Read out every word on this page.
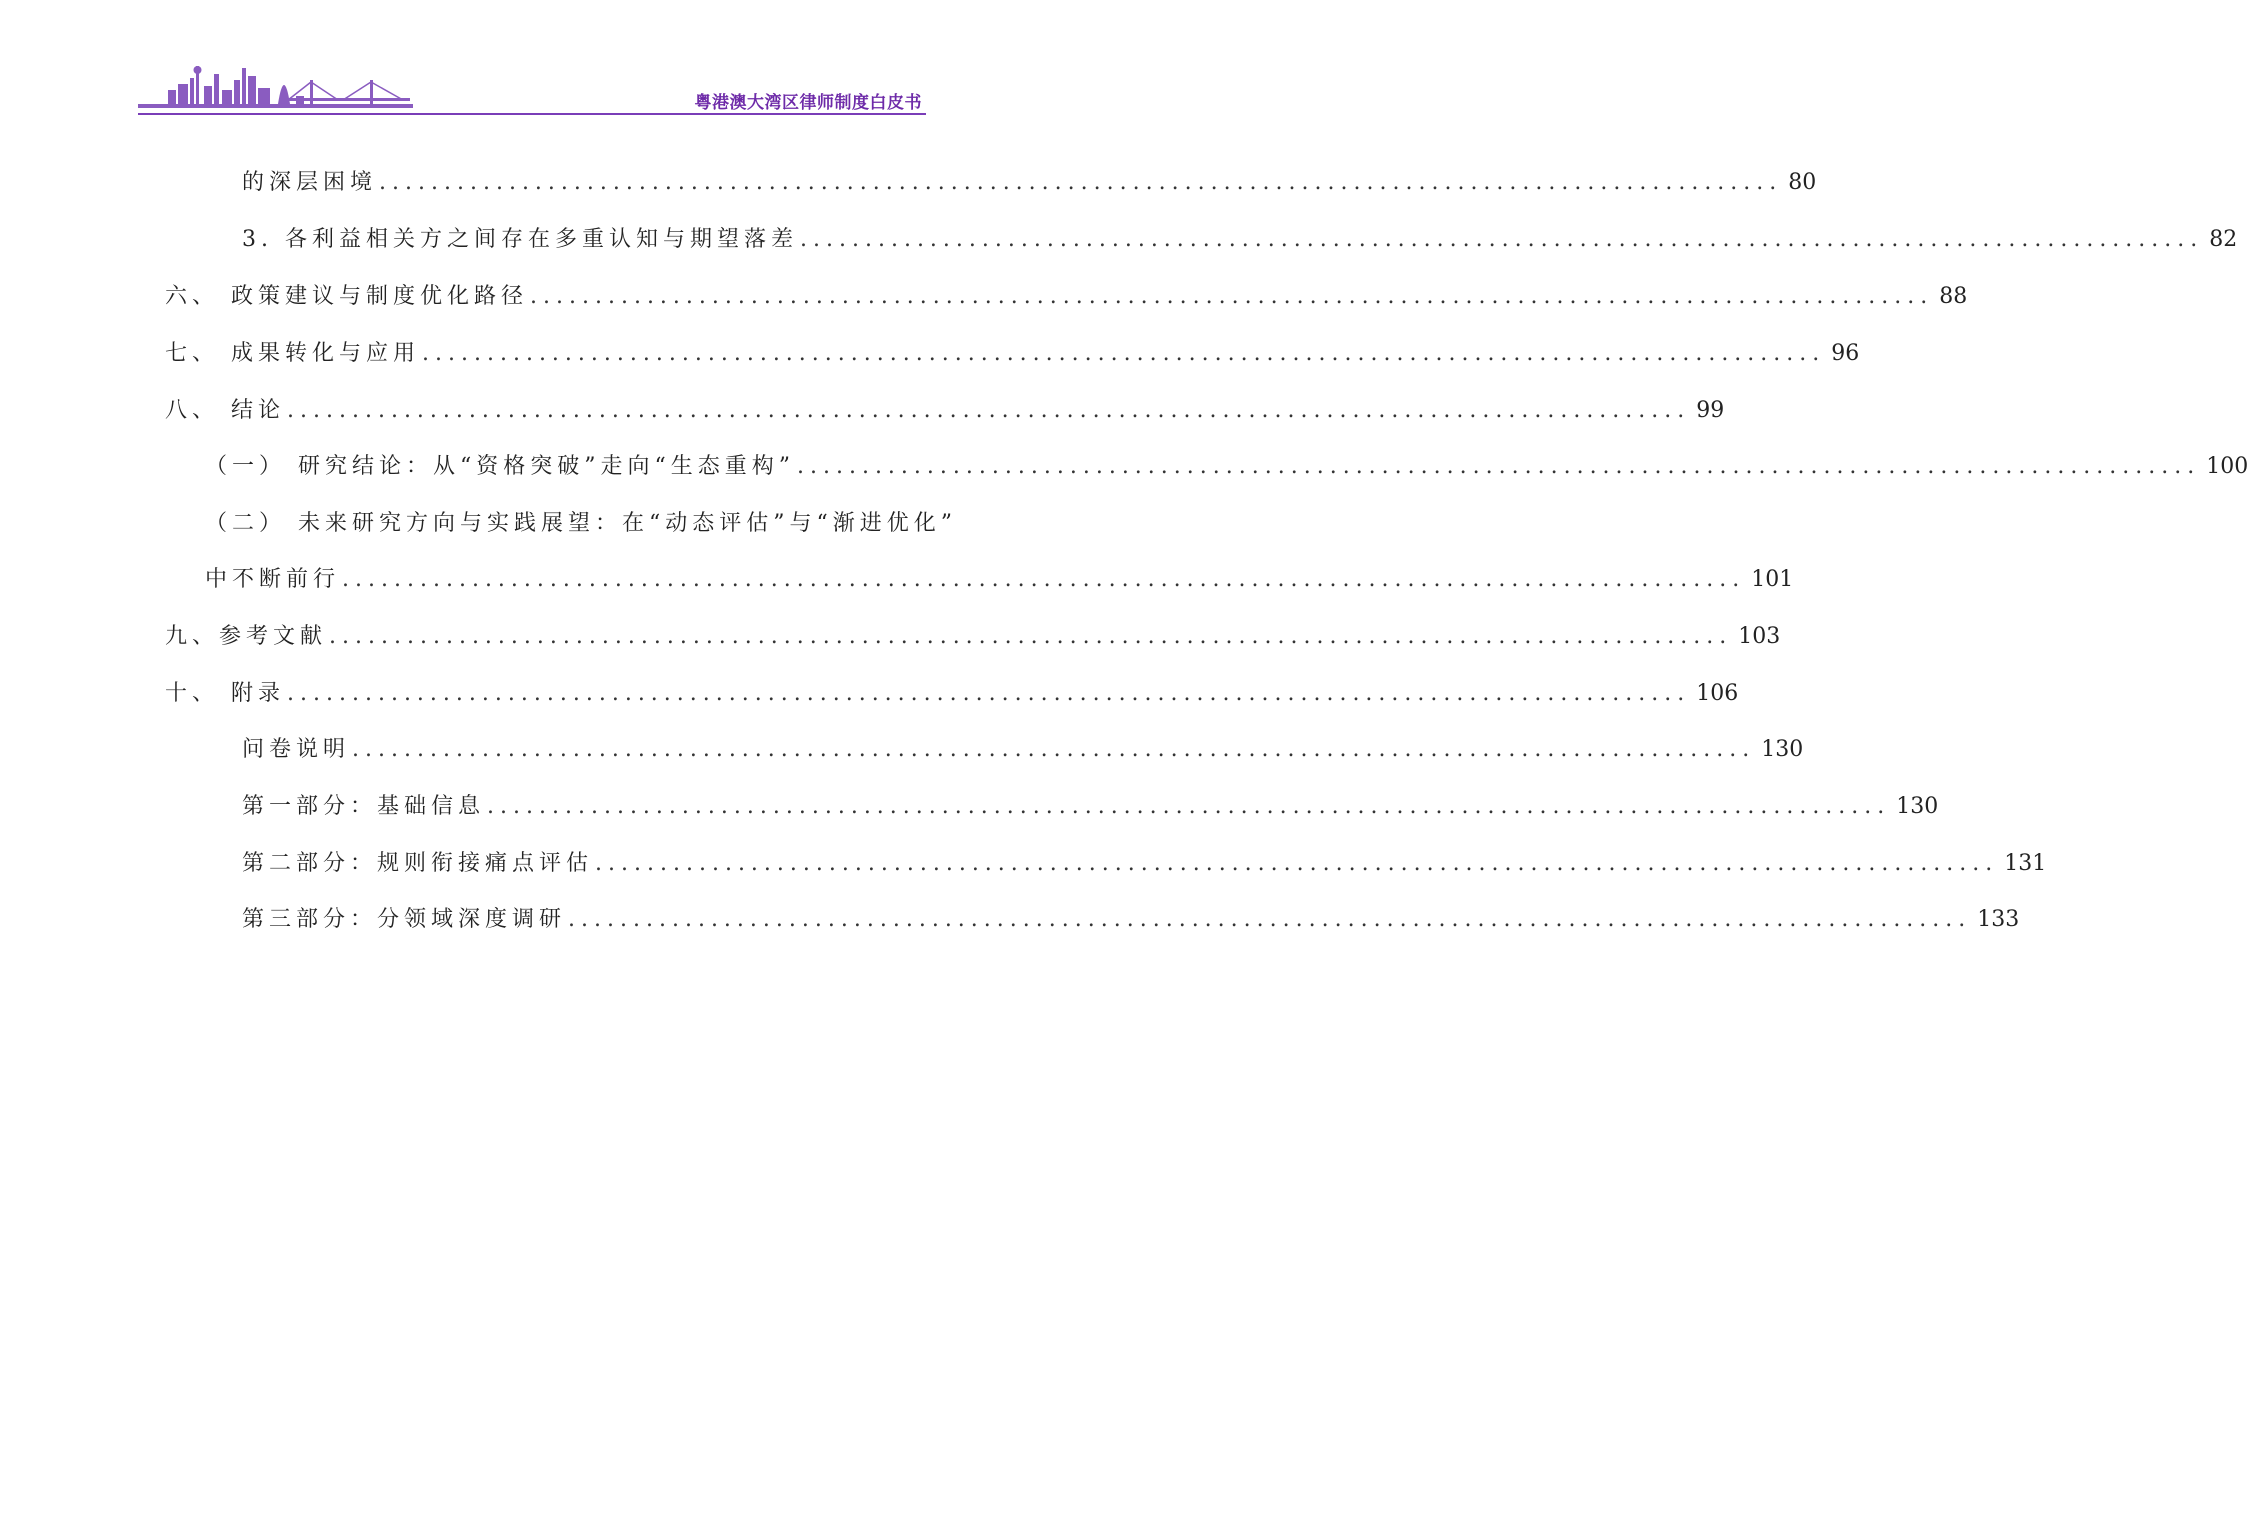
粤港澳大湾区律师制度白皮书
的深层困境 ............................................................................................................ 80
3. 各利益相关方之间存在多重认知与期望落差 ............................................................................................................ 82
六、 政策建议与制度优化路径 ............................................................................................................ 88
七、 成果转化与应用 ............................................................................................................ 96
八、 结论 ............................................................................................................ 99
（一） 研究结论：从“资格突破”走向“生态重构” ............................................................................................................ 100
（二） 未来研究方向与实践展望：在“动态评估”与“渐进优化”
中不断前行 ............................................................................................................ 101
九、参考文献 ............................................................................................................ 103
十、 附录 ............................................................................................................ 106
问卷说明 ............................................................................................................ 130
第一部分：基础信息 ............................................................................................................ 130
第二部分：规则衔接痛点评估 ............................................................................................................ 131
第三部分：分领域深度调研 ............................................................................................................ 133
